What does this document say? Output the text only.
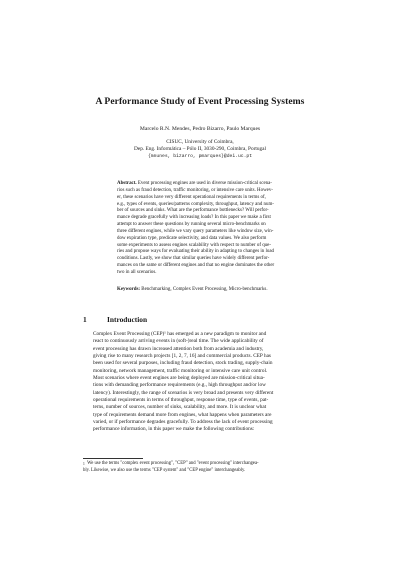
A Performance Study of Event Processing Systems
Marcelo R.N. Mendes, Pedro Bizarro, Paulo Marques
CISUC, University of Coimbra,
Dep. Eng. Informática – Pólo II, 3030-290, Coimbra, Portugal
{mnunes, bizarro, pmarques}@dei.uc.pt
Abstract. Event processing engines are used in diverse mission-critical scena-
rios such as fraud detection, traffic monitoring, or intensive care units. Howev-
er, these scenarios have very different operational requirements in terms of,
e.g., types of events, queries/patterns complexity, throughput, latency and num-
ber of sources and sinks. What are the performance bottlenecks? Will perfor-
mance degrade gracefully with increasing loads? In this paper we make a first
attempt to answer these questions by running several micro-benchmarks on
three different engines, while we vary query parameters like window size, win-
dow expiration type, predicate selectivity, and data values. We also perform
some experiments to assess engines scalability with respect to number of que-
ries and propose ways for evaluating their ability in adapting to changes in load
conditions. Lastly, we show that similar queries have widely different perfor-
mances on the same or different engines and that no engine dominates the other
two in all scenarios.
Keywords: Benchmarking, Complex Event Processing, Micro-benchmarks.
1	Introduction

Complex Event Processing (CEP)¹ has emerged as a new paradigm to monitor and
react to continuously arriving events in (soft-)real time. The wide applicability of
event processing has drawn increased attention both from academia and industry,
giving rise to many research projects [1, 2, 7, 16] and commercial products. CEP has
been used for several purposes, including fraud detection, stock trading, supply-chain
monitoring, network management, traffic monitoring or intensive care unit control.

Most scenarios where event engines are being deployed are mission-critical situa-
tions with demanding performance requirements (e.g., high throughput and/or low
latency). Interestingly, the range of scenarios is very broad and presents very different
operational requirements in terms of throughput, response time, type of events, pat-
terns, number of sources, number of sinks, scalability, and more. It is unclear what
type of requirements demand more from engines, what happens when parameters are
varied, or if performance degrades gracefully. To address the lack of event processing
performance information, in this paper we make the following contributions:

$^1$ We use the terms "complex event processing", "CEP" and "event processing" interchangea-
bly. Likewise, we also use the terms "CEP system" and "CEP engine" interchangeably.
